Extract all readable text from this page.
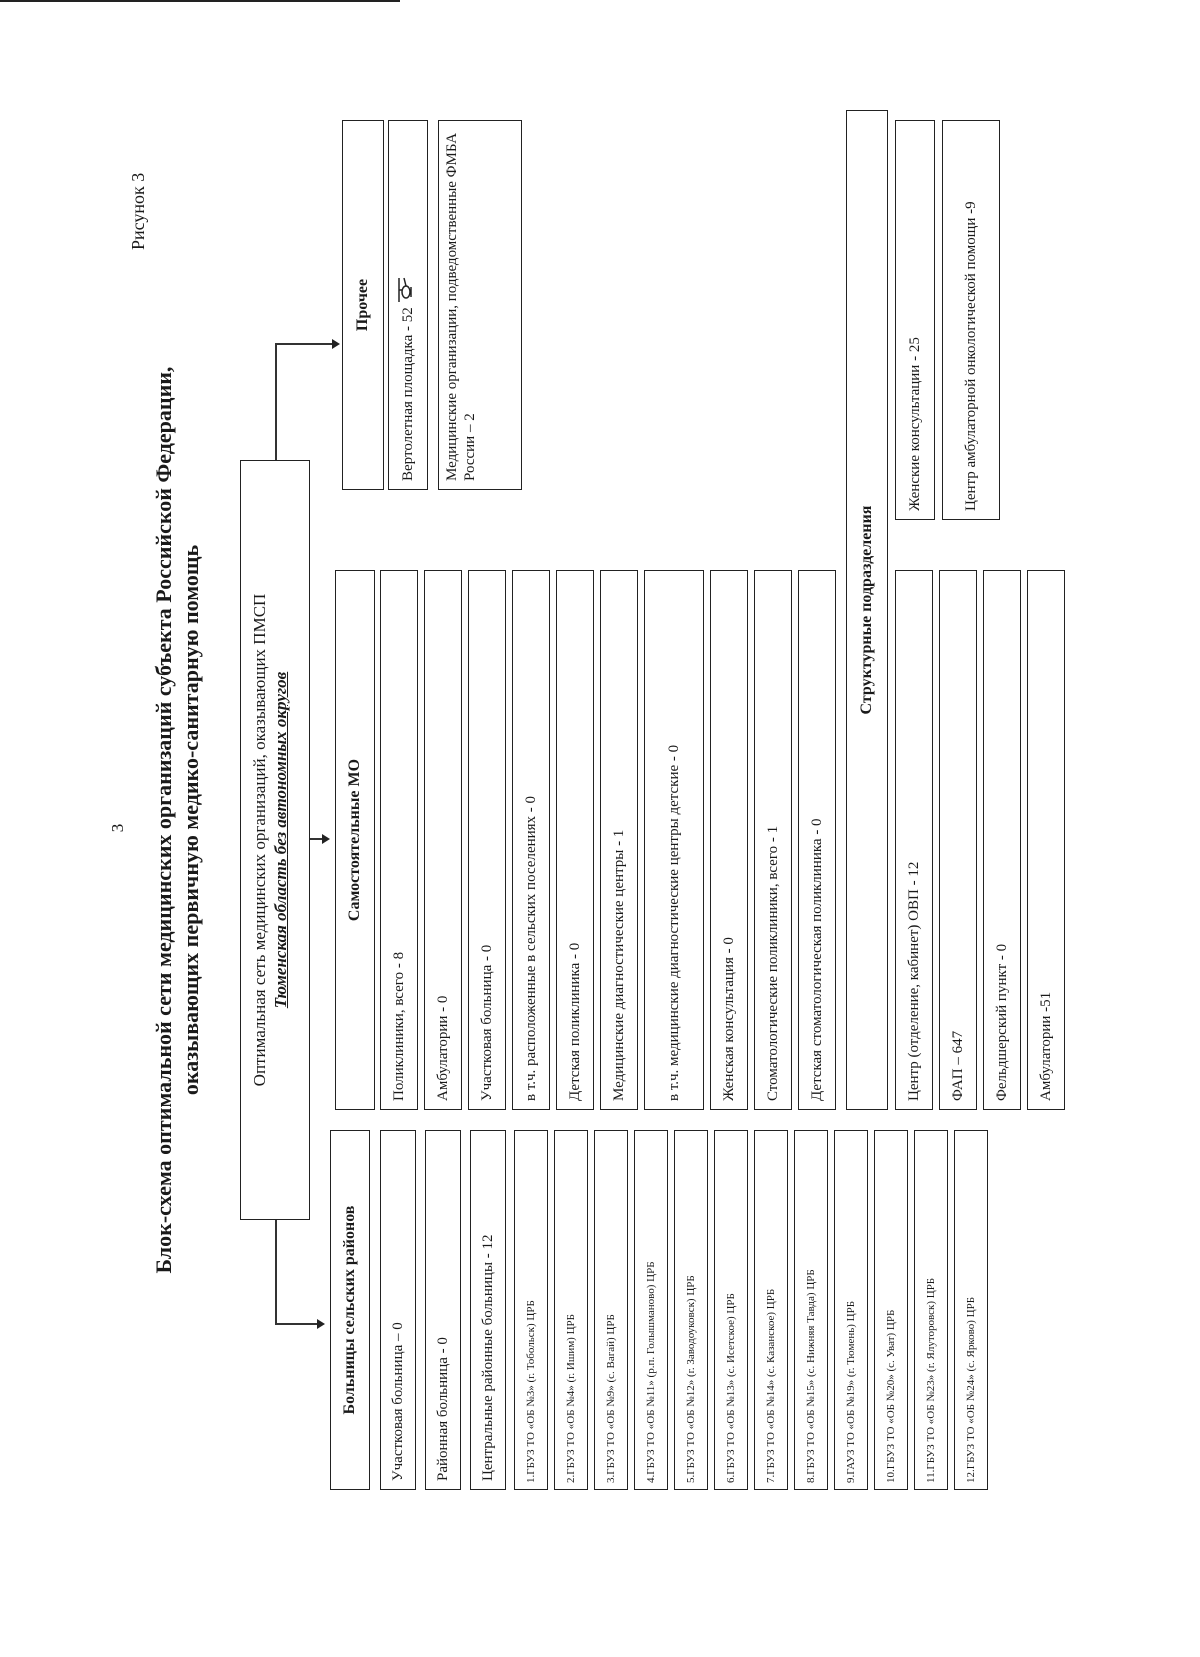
3
Рисунок 3
Блок-схема оптимальной сети медицинских организаций субъекта Российской Федерации, оказывающих первичную медико-санитарную помощь	Оптимальная сеть медицинских организаций, оказывающих ПМСП Тюменская область без автономных округов
Больницы сельских районов	Участковая больница – 0	Районная больница - 0	Центральные районные больницы - 12	1.ГБУЗ ТО «ОБ №3» (г. Тобольск) ЦРБ	2.ГБУЗ ТО «ОБ №4» (г. Ишим) ЦРБ	3.ГБУЗ ТО «ОБ №9» (с. Вагай) ЦРБ	4.ГБУЗ ТО «ОБ №11» (р.п. Голышманово) ЦРБ	5.ГБУЗ ТО «ОБ №12» (г. Заводоуковск) ЦРБ	6.ГБУЗ ТО «ОБ №13» (с. Исетское) ЦРБ	7.ГБУЗ ТО «ОБ №14» (с. Казанское) ЦРБ	8.ГБУЗ ТО «ОБ №15» (с. Нижняя Тавда) ЦРБ	9.ГАУЗ ТО «ОБ №19» (г. Тюмень) ЦРБ	10.ГБУЗ ТО «ОБ №20» (с. Уват) ЦРБ	11.ГБУЗ ТО «ОБ №23» (г. Ялуторовск) ЦРБ	12.ГБУЗ ТО «ОБ №24» (с. Ярково) ЦРБ
Самостоятельные МО
Поликлиники, всего - 8	Амбулатории - 0	Участковая больница - 0	в т.ч. расположенные в сельских поселениях - 0	Детская поликлиника - 0	Медицинские диагностические центры - 1	в т.ч. медицинские диагностические центры детские - 0	Женская консультация - 0	Стоматологические поликлиники, всего - 1	Детская стоматологическая поликлиника - 0
Структурные подразделения
Центр (отделение, кабинет) ОВП - 12	ФАП – 647	Фельдшерский пункт - 0	Амбулатории -51
Прочее
Вертолетная площадка - 52	Медицинские организации, подведомственные ФМБА России – 2	Женские консультации - 25	Центр амбулаторной онкологической помощи -9
